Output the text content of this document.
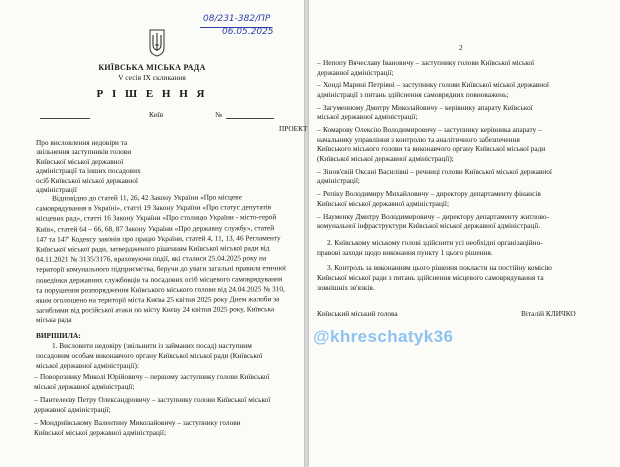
08/231-382/ПР
06.05.2025
КИЇВСЬКА МІСЬКА РАДА
V сесія IX скликання
Р І Ш Е Н Н Я
Київ	№
ПРОЕКТ
Про висловлення недовіри та
звільнення заступників голови
Київської міської державної
адміністрації та інших посадових
осіб Київської міської державної
адміністрації
Відповідно до статей 11, 26, 42 Закону України «Про місцеве
самоврядування в Україні», статті 19 Закону України «Про статус депутатів
місцевих рад», статті 16 Закону України «Про столицю України - місто-герой
Київ», статей 64 – 66, 68, 87 Закону України «Про державну службу», статей
147 та 147' Кодексу законів про працю України, статей 4, 11, 13, 46 Регламенту
Київської міської ради, затвердженого рішенням Київської міської ради від
04.11.2021 № 3135/3176, враховуючи події, які сталися 25.04.2025 року на
території комунального підприємства, беручи до уваги загальні правила етичної
поведінки державних службовців та посадових осіб місцевого самоврядування
та порушення розпорядження Київського міського голови від 24.04.2025 № 310,
яким оголошено на території міста Києва 25 квітня 2025 року Днем жалоби за
загиблими від російської атаки по місту Києву 24 квітня 2025 року, Київська
міська рада
ВИРІШИЛА:
1. Висловити недовіру (звільнити із займаних посад) наступним
посадовим особам виконавчого органу Київської міської ради (Київської
міської державної адміністрації):
– Поворознику Миколі Юрійовичу – першому заступнику голови Київської
міської державної адміністрації;
– Пантелеєву Петру Олександровичу – заступнику голови Київської міської
державної адміністрації;
– Мондриївському Валентину Миколайовичу – заступнику голови
Київської міської державної адміністрації;
2
– Непопу Вячеславу Івановичу – заступнику голови Київської міської
державної адміністрації;
– Хонді Марині Петрівні – заступнику голови Київської міської державної
адміністрації з питань здійснення самоврядних повноважень;
– Загуменному Дмитру Миколайовичу – керівнику апарату Київської
міської державної адміністрації;
– Комарову Олексію Володимировичу – заступнику керівника апарату –
начальнику управління з контролю та аналітичного забезпечення
Київського міського голови та виконавчого органу Київської міської ради
(Київської міської державної адміністрації);
– Зінов'євій Оксані Василівні – речниці голови Київської міської державної
адміністрації;
– Репіку Володимиру Михайловичу – директору департаменту фінансів
Київської міської державної адміністрації;
– Науменку Дмитру Володимировичу – директору департаменту житлово-
комунальної інфраструктури Київської міської державної адміністрації.
2. Київському міському голові здійснити усі необхідні організаційно-
правові заходи щодо виконання пункту 1 цього рішення.
3. Контроль за виконанням цього рішення покласти на постійну комісію
Київської міської ради з питань здійснення місцевого самоврядування та
зовнішніх зв'язків.
Київський міський голова	Віталій КЛИЧКО
@khreschatyk36
